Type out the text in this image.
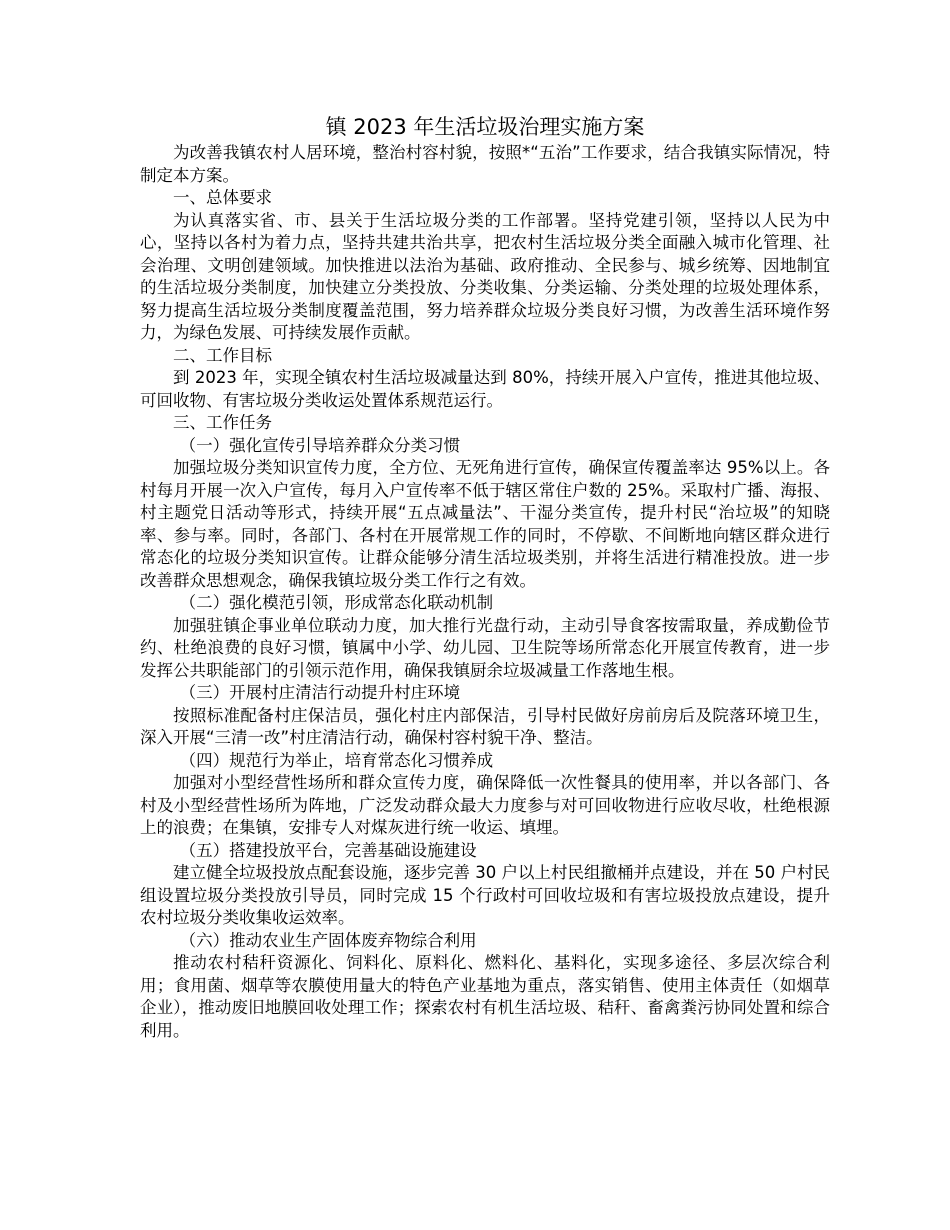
镇 2023 年生活垃圾治理实施方案

为改善我镇农村人居环境，整治村容村貌，按照*“五治”工作要求，结合我镇实际情况，特制定本方案。

一、总体要求

为认真落实省、市、县关于生活垃圾分类的工作部署。坚持党建引领，坚持以人民为中心，坚持以各村为着力点，坚持共建共治共享，把农村生活垃圾分类全面融入城市化管理、社会治理、文明创建领域。加快推进以法治为基础、政府推动、全民参与、城乡统筹、因地制宜的生活垃圾分类制度，加快建立分类投放、分类收集、分类运输、分类处理的垃圾处理体系，努力提高生活垃圾分类制度覆盖范围，努力培养群众垃圾分类良好习惯，为改善生活环境作努力，为绿色发展、可持续发展作贡献。

二、工作目标

到 2023 年，实现全镇农村生活垃圾减量达到 80%，持续开展入户宣传，推进其他垃圾、可回收物、有害垃圾分类收运处置体系规范运行。

三、工作任务

（一）强化宣传引导培养群众分类习惯

加强垃圾分类知识宣传力度，全方位、无死角进行宣传，确保宣传覆盖率达 95%以上。各村每月开展一次入户宣传，每月入户宣传率不低于辖区常住户数的 25%。采取村广播、海报、村主题党日活动等形式，持续开展“五点减量法”、干湿分类宣传，提升村民“治垃圾”的知晓率、参与率。同时，各部门、各村在开展常规工作的同时，不停歇、不间断地向辖区群众进行常态化的垃圾分类知识宣传。让群众能够分清生活垃圾类别，并将生活进行精准投放。进一步改善群众思想观念，确保我镇垃圾分类工作行之有效。

（二）强化模范引领，形成常态化联动机制

加强驻镇企事业单位联动力度，加大推行光盘行动，主动引导食客按需取量，养成勤俭节约、杜绝浪费的良好习惯，镇属中小学、幼儿园、卫生院等场所常态化开展宣传教育，进一步发挥公共职能部门的引领示范作用，确保我镇厨余垃圾减量工作落地生根。

（三）开展村庄清洁行动提升村庄环境

按照标准配备村庄保洁员，强化村庄内部保洁，引导村民做好房前房后及院落环境卫生，深入开展“三清一改”村庄清洁行动，确保村容村貌干净、整洁。

（四）规范行为举止，培育常态化习惯养成

加强对小型经营性场所和群众宣传力度，确保降低一次性餐具的使用率，并以各部门、各村及小型经营性场所为阵地，广泛发动群众最大力度参与对可回收物进行应收尽收，杜绝根源上的浪费；在集镇，安排专人对煤灰进行统一收运、填埋。

（五）搭建投放平台，完善基础设施建设

建立健全垃圾投放点配套设施，逐步完善 30 户以上村民组撤桶并点建设，并在 50 户村民组设置垃圾分类投放引导员，同时完成 15 个行政村可回收垃圾和有害垃圾投放点建设，提升农村垃圾分类收集收运效率。

（六）推动农业生产固体废弃物综合利用

推动农村秸秆资源化、饲料化、原料化、燃料化、基料化，实现多途径、多层次综合利用；食用菌、烟草等农膜使用量大的特色产业基地为重点，落实销售、使用主体责任（如烟草企业），推动废旧地膜回收处理工作；探索农村有机生活垃圾、秸秆、畜禽粪污协同处置和综合利用。
